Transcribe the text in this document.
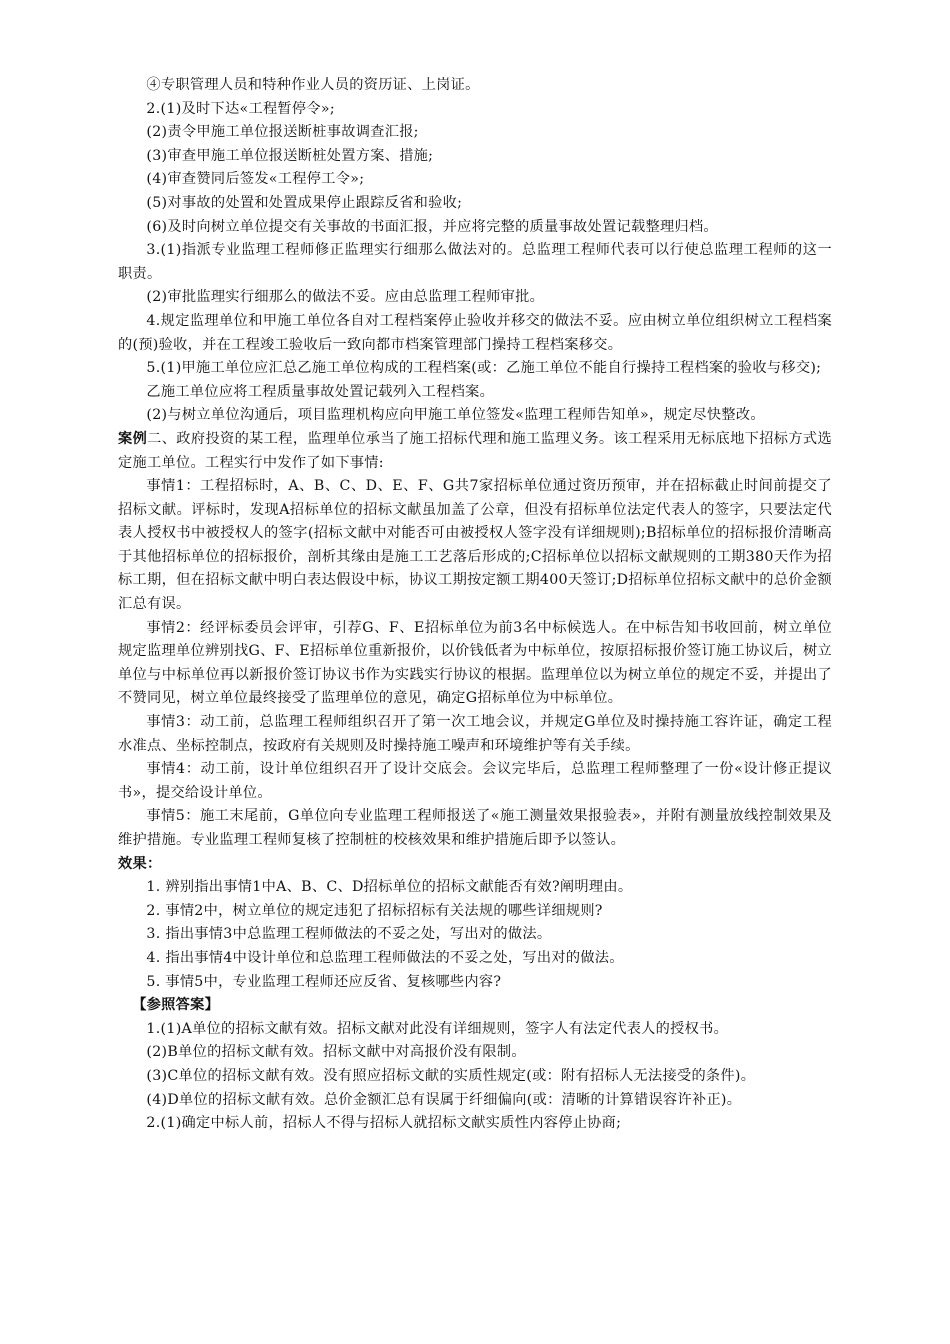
④专职管理人员和特种作业人员的资历证、上岗证。

2.(1)及时下达«工程暂停令»;

(2)责令甲施工单位报送断桩事故调查汇报;

(3)审查甲施工单位报送断桩处置方案、措施;

(4)审查赞同后签发«工程停工令»;

(5)对事故的处置和处置成果停止跟踪反省和验收;

(6)及时向树立单位提交有关事故的书面汇报，并应将完整的质量事故处置记载整理归档。

3.(1)指派专业监理工程师修正监理实行细那么做法对的。总监理工程师代表可以行使总监理工程师的这一职责。

(2)审批监理实行细那么的做法不妥。应由总监理工程师审批。

4.规定监理单位和甲施工单位各自对工程档案停止验收并移交的做法不妥。应由树立单位组织树立工程档案的(预)验收，并在工程竣工验收后一致向都市档案管理部门操持工程档案移交。

5.(1)甲施工单位应汇总乙施工单位构成的工程档案(或：乙施工单位不能自行操持工程档案的验收与移交);

乙施工单位应将工程质量事故处置记载列入工程档案。

(2)与树立单位沟通后，项目监理机构应向甲施工单位签发«监理工程师告知单»，规定尽快整改。

案例二、政府投资的某工程，监理单位承当了施工招标代理和施工监理义务。该工程采用无标底地下招标方式选定施工单位。工程实行中发作了如下事情:

事情1：工程招标时，A、B、C、D、E、F、G共7家招标单位通过资历预审，并在招标截止时间前提交了招标文献。评标时，发现A招标单位的招标文献虽加盖了公章，但没有招标单位法定代表人的签字，只要法定代表人授权书中被授权人的签字(招标文献中对能否可由被授权人签字没有详细规则);B招标单位的招标报价清晰高于其他招标单位的招标报价，剖析其缘由是施工工艺落后形成的;C招标单位以招标文献规则的工期380天作为招标工期，但在招标文献中明白表达假设中标，协议工期按定额工期400天签订;D招标单位招标文献中的总价金额汇总有误。

事情2：经评标委员会评审，引荐G、F、E招标单位为前3名中标候选人。在中标告知书收回前，树立单位规定监理单位辨别找G、F、E招标单位重新报价，以价钱低者为中标单位，按原招标报价签订施工协议后，树立单位与中标单位再以新报价签订协议书作为实践实行协议的根据。监理单位以为树立单位的规定不妥，并提出了不赞同见，树立单位最终接受了监理单位的意见，确定G招标单位为中标单位。

事情3：动工前，总监理工程师组织召开了第一次工地会议，并规定G单位及时操持施工容许证，确定工程水准点、坐标控制点，按政府有关规则及时操持施工噪声和环境维护等有关手续。

事情4：动工前，设计单位组织召开了设计交底会。会议完毕后，总监理工程师整理了一份«设计修正提议书»，提交给设计单位。

事情5：施工末尾前，G单位向专业监理工程师报送了«施工测量效果报验表»，并附有测量放线控制效果及维护措施。专业监理工程师复核了控制桩的校核效果和维护措施后即予以签认。

效果：

1. 辨别指出事情1中A、B、C、D招标单位的招标文献能否有效?阐明理由。

2. 事情2中，树立单位的规定违犯了招标招标有关法规的哪些详细规则?

3. 指出事情3中总监理工程师做法的不妥之处，写出对的做法。

4. 指出事情4中设计单位和总监理工程师做法的不妥之处，写出对的做法。

5. 事情5中，专业监理工程师还应反省、复核哪些内容?

【参照答案】

1.(1)A单位的招标文献有效。招标文献对此没有详细规则，签字人有法定代表人的授权书。

(2)B单位的招标文献有效。招标文献中对高报价没有限制。

(3)C单位的招标文献有效。没有照应招标文献的实质性规定(或：附有招标人无法接受的条件)。

(4)D单位的招标文献有效。总价金额汇总有误属于纤细偏向(或：清晰的计算错误容许补正)。

2.(1)确定中标人前，招标人不得与招标人就招标文献实质性内容停止协商;
